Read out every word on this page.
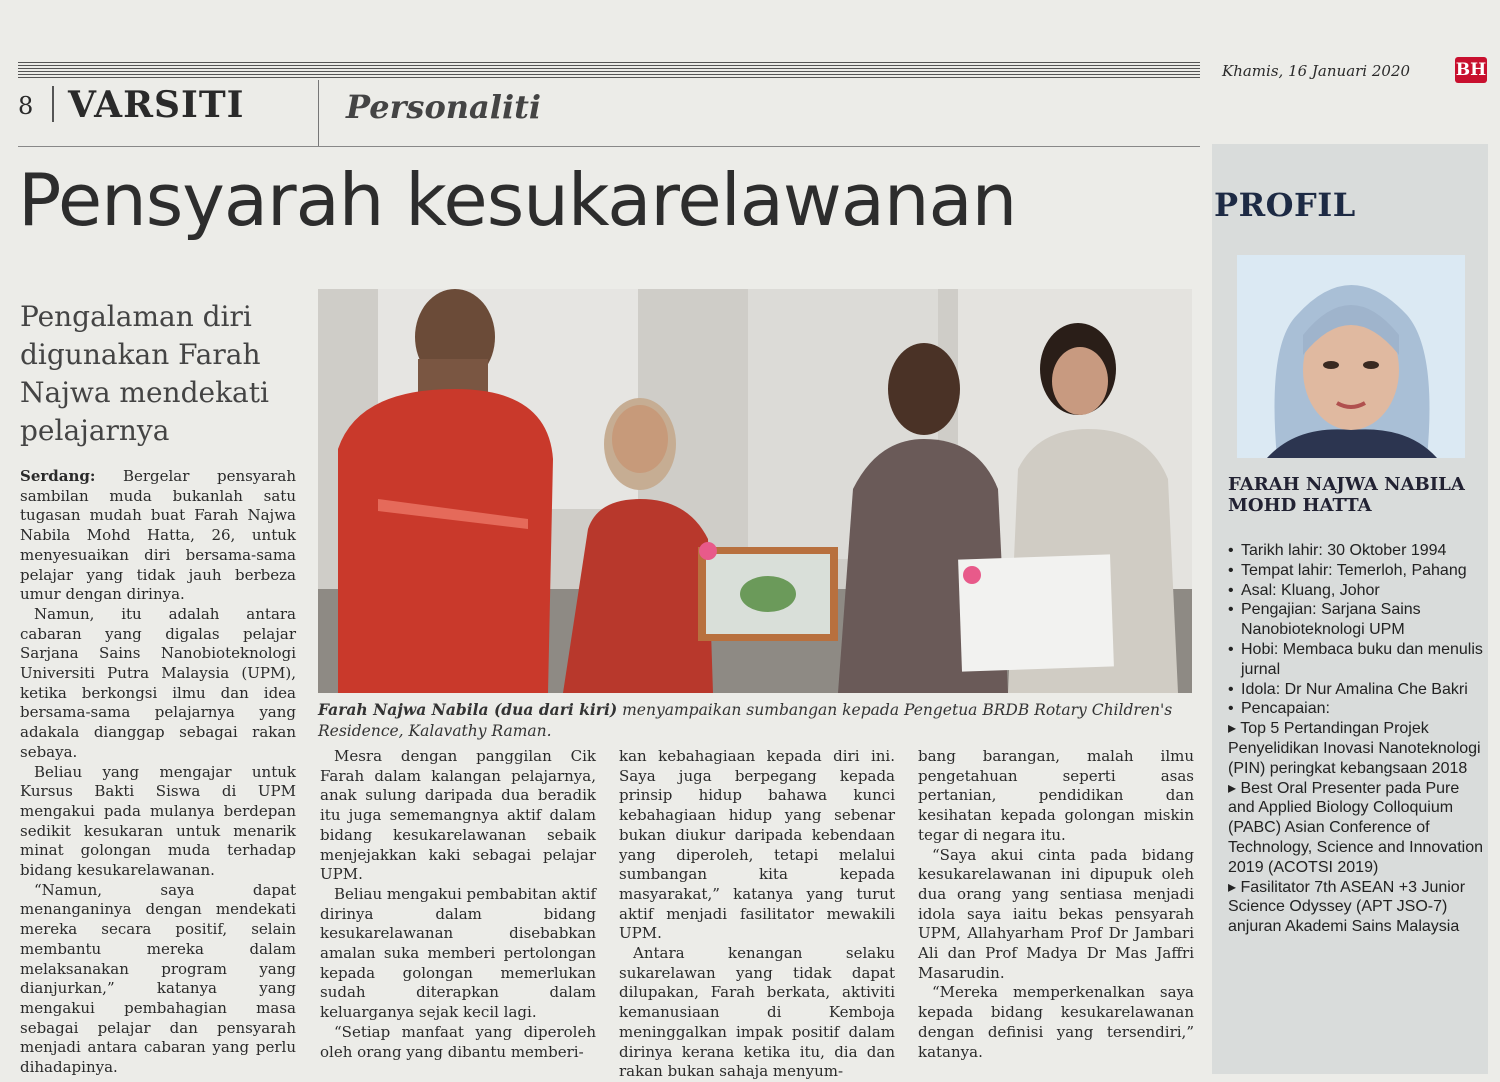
Khamis, 16 Januari 2020	BH
8 VARSITI	Personaliti
Pensyarah kesukarelawanan
Pengalaman diri digunakan Farah Najwa mendekati pelajarnya
Farah Najwa Nabila (dua dari kiri) menyampaikan sumbangan kepada Pengetua BRDB Rotary Children's Residence, Kalavathy Raman.

Serdang: Bergelar pensyarah sambilan muda bukanlah satu tugasan mudah buat Farah Najwa Nabila Mohd Hatta, 26, untuk menyesuaikan diri bersama-sama pelajar yang tidak jauh berbeza umur dengan dirinya.

Namun, itu adalah antara cabaran yang digalas pelajar Sarjana Sains Nanobioteknologi Universiti Putra Malaysia (UPM), ketika berkongsi ilmu dan idea bersama-sama pelajarnya yang adakala dianggap sebagai rakan sebaya.

Beliau yang mengajar untuk Kursus Bakti Siswa di UPM mengakui pada mulanya berdepan sedikit kesukaran untuk menarik minat golongan muda terhadap bidang kesukarelawanan.

“Namun, saya dapat menanganinya dengan mendekati mereka secara positif, selain membantu mereka dalam melaksanakan program yang dianjurkan,” katanya yang mengakui pembahagian masa sebagai pelajar dan pensyarah menjadi antara cabaran yang perlu dihadapinya.

Mesra dengan panggilan Cik Farah dalam kalangan pelajarnya, anak sulung daripada dua beradik itu juga sememangnya aktif dalam bidang kesukarelawanan sebaik menjejakkan kaki sebagai pelajar UPM.

Beliau mengakui pembabitan aktif dirinya dalam bidang kesukarelawanan disebabkan amalan suka memberi pertolongan kepada golongan memerlukan sudah diterapkan dalam keluarganya sejak kecil lagi.

“Setiap manfaat yang diperoleh oleh orang yang dibantu memberi-

kan kebahagiaan kepada diri ini. Saya juga berpegang kepada prinsip hidup bahawa kunci kebahagiaan hidup yang sebenar bukan diukur daripada kebendaan yang diperoleh, tetapi melalui sumbangan kita kepada masyarakat,” katanya yang turut aktif menjadi fasilitator mewakili UPM.

Antara kenangan selaku sukarelawan yang tidak dapat dilupakan, Farah berkata, aktiviti kemanusiaan di Kemboja meninggalkan impak positif dalam dirinya kerana ketika itu, dia dan rakan bukan sahaja menyum-

bang barangan, malah ilmu pengetahuan seperti asas pertanian, pendidikan dan kesihatan kepada golongan miskin tegar di negara itu.

“Saya akui cinta pada bidang kesukarelawanan ini dipupuk oleh dua orang yang sentiasa menjadi idola saya iaitu bekas pensyarah UPM, Allahyarham Prof Dr Jambari Ali dan Prof Madya Dr Mas Jaffri Masarudin.

“Mereka memperkenalkan saya kepada bidang kesukarelawanan dengan definisi yang tersendiri,” katanya.

PROFIL
FARAH NAJWA NABILA MOHD HATTA
• Tarikh lahir: 30 Oktober 1994
• Tempat lahir: Temerloh, Pahang
• Asal: Kluang, Johor
• Pengajian: Sarjana Sains Nanobioteknologi UPM
• Hobi: Membaca buku dan menulis jurnal
• Idola: Dr Nur Amalina Che Bakri
• Pencapaian:
▸ Top 5 Pertandingan Projek Penyelidikan Inovasi Nanoteknologi (PIN) peringkat kebangsaan 2018
▸ Best Oral Presenter pada Pure and Applied Biology Colloquium (PABC) Asian Conference of Technology, Science and Innovation 2019 (ACOTSI 2019)
▸ Fasilitator 7th ASEAN +3 Junior Science Odyssey (APT JSO-7) anjuran Akademi Sains Malaysia
